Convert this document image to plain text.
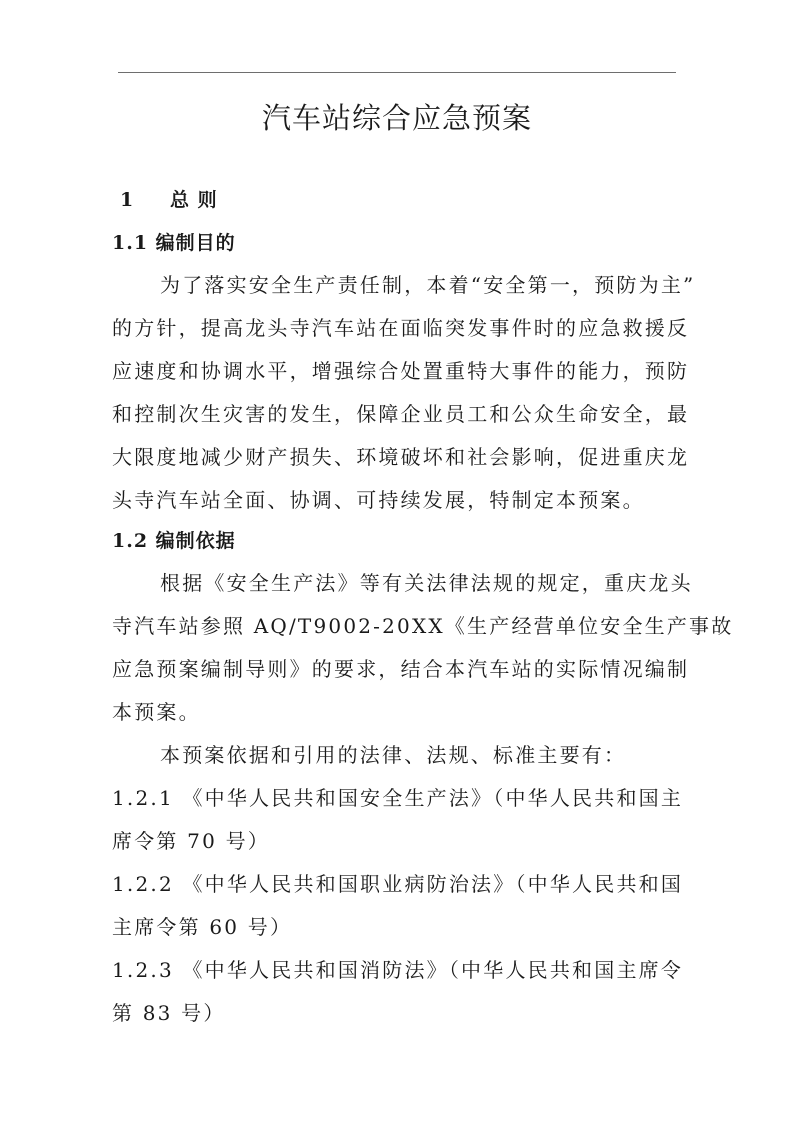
汽车站综合应急预案
1 总 则
1.1 编制目的
为了落实安全生产责任制，本着“安全第一，预防为主”
的方针，提高龙头寺汽车站在面临突发事件时的应急救援反
应速度和协调水平，增强综合处置重特大事件的能力，预防
和控制次生灾害的发生，保障企业员工和公众生命安全，最
大限度地减少财产损失、环境破坏和社会影响，促进重庆龙
头寺汽车站全面、协调、可持续发展，特制定本预案。
1.2 编制依据
根据《安全生产法》等有关法律法规的规定，重庆龙头
寺汽车站参照 AQ/T9002-20XX《生产经营单位安全生产事故
应急预案编制导则》的要求，结合本汽车站的实际情况编制
本预案。
本预案依据和引用的法律、法规、标准主要有：
1.2.1 《中华人民共和国安全生产法》（中华人民共和国主
席令第 70 号）
1.2.2 《中华人民共和国职业病防治法》（中华人民共和国
主席令第 60 号）
1.2.3 《中华人民共和国消防法》（中华人民共和国主席令
第 83 号）
